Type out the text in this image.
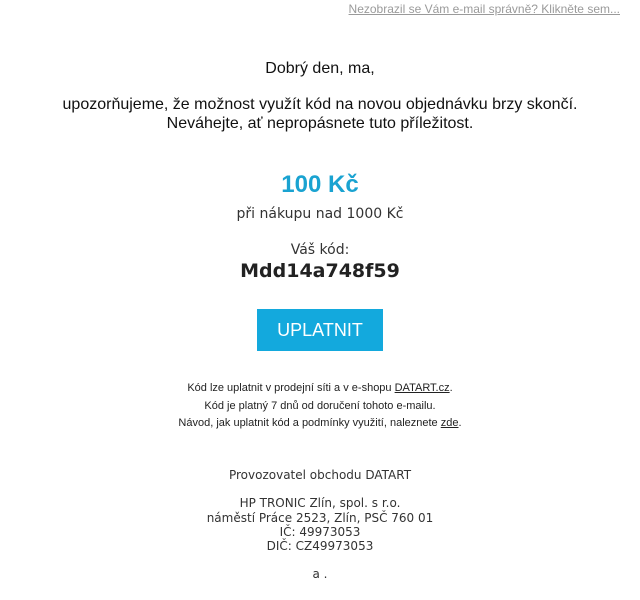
Nezobrazil se Vám e-mail správně? Klikněte sem...
Dobrý den, ma,
upozorňujeme, že možnost využít kód na novou objednávku brzy skončí.
Neváhejte, ať nepropásnete tuto příležitost.
100 Kč
při nákupu nad 1000 Kč
Váš kód:
Mdd14a748f59
UPLATNIT
Kód lze uplatnit v prodejní síti a v e-shopu DATART.cz.
Kód je platný 7 dnů od doručení tohoto e-mailu.
Návod, jak uplatnit kód a podmínky využití, naleznete zde.
Provozovatel obchodu DATART
HP TRONIC Zlín, spol. s r.o.
náměstí Práce 2523, Zlín, PSČ 760 01
IČ: 49973053
DIČ: CZ49973053
a .
